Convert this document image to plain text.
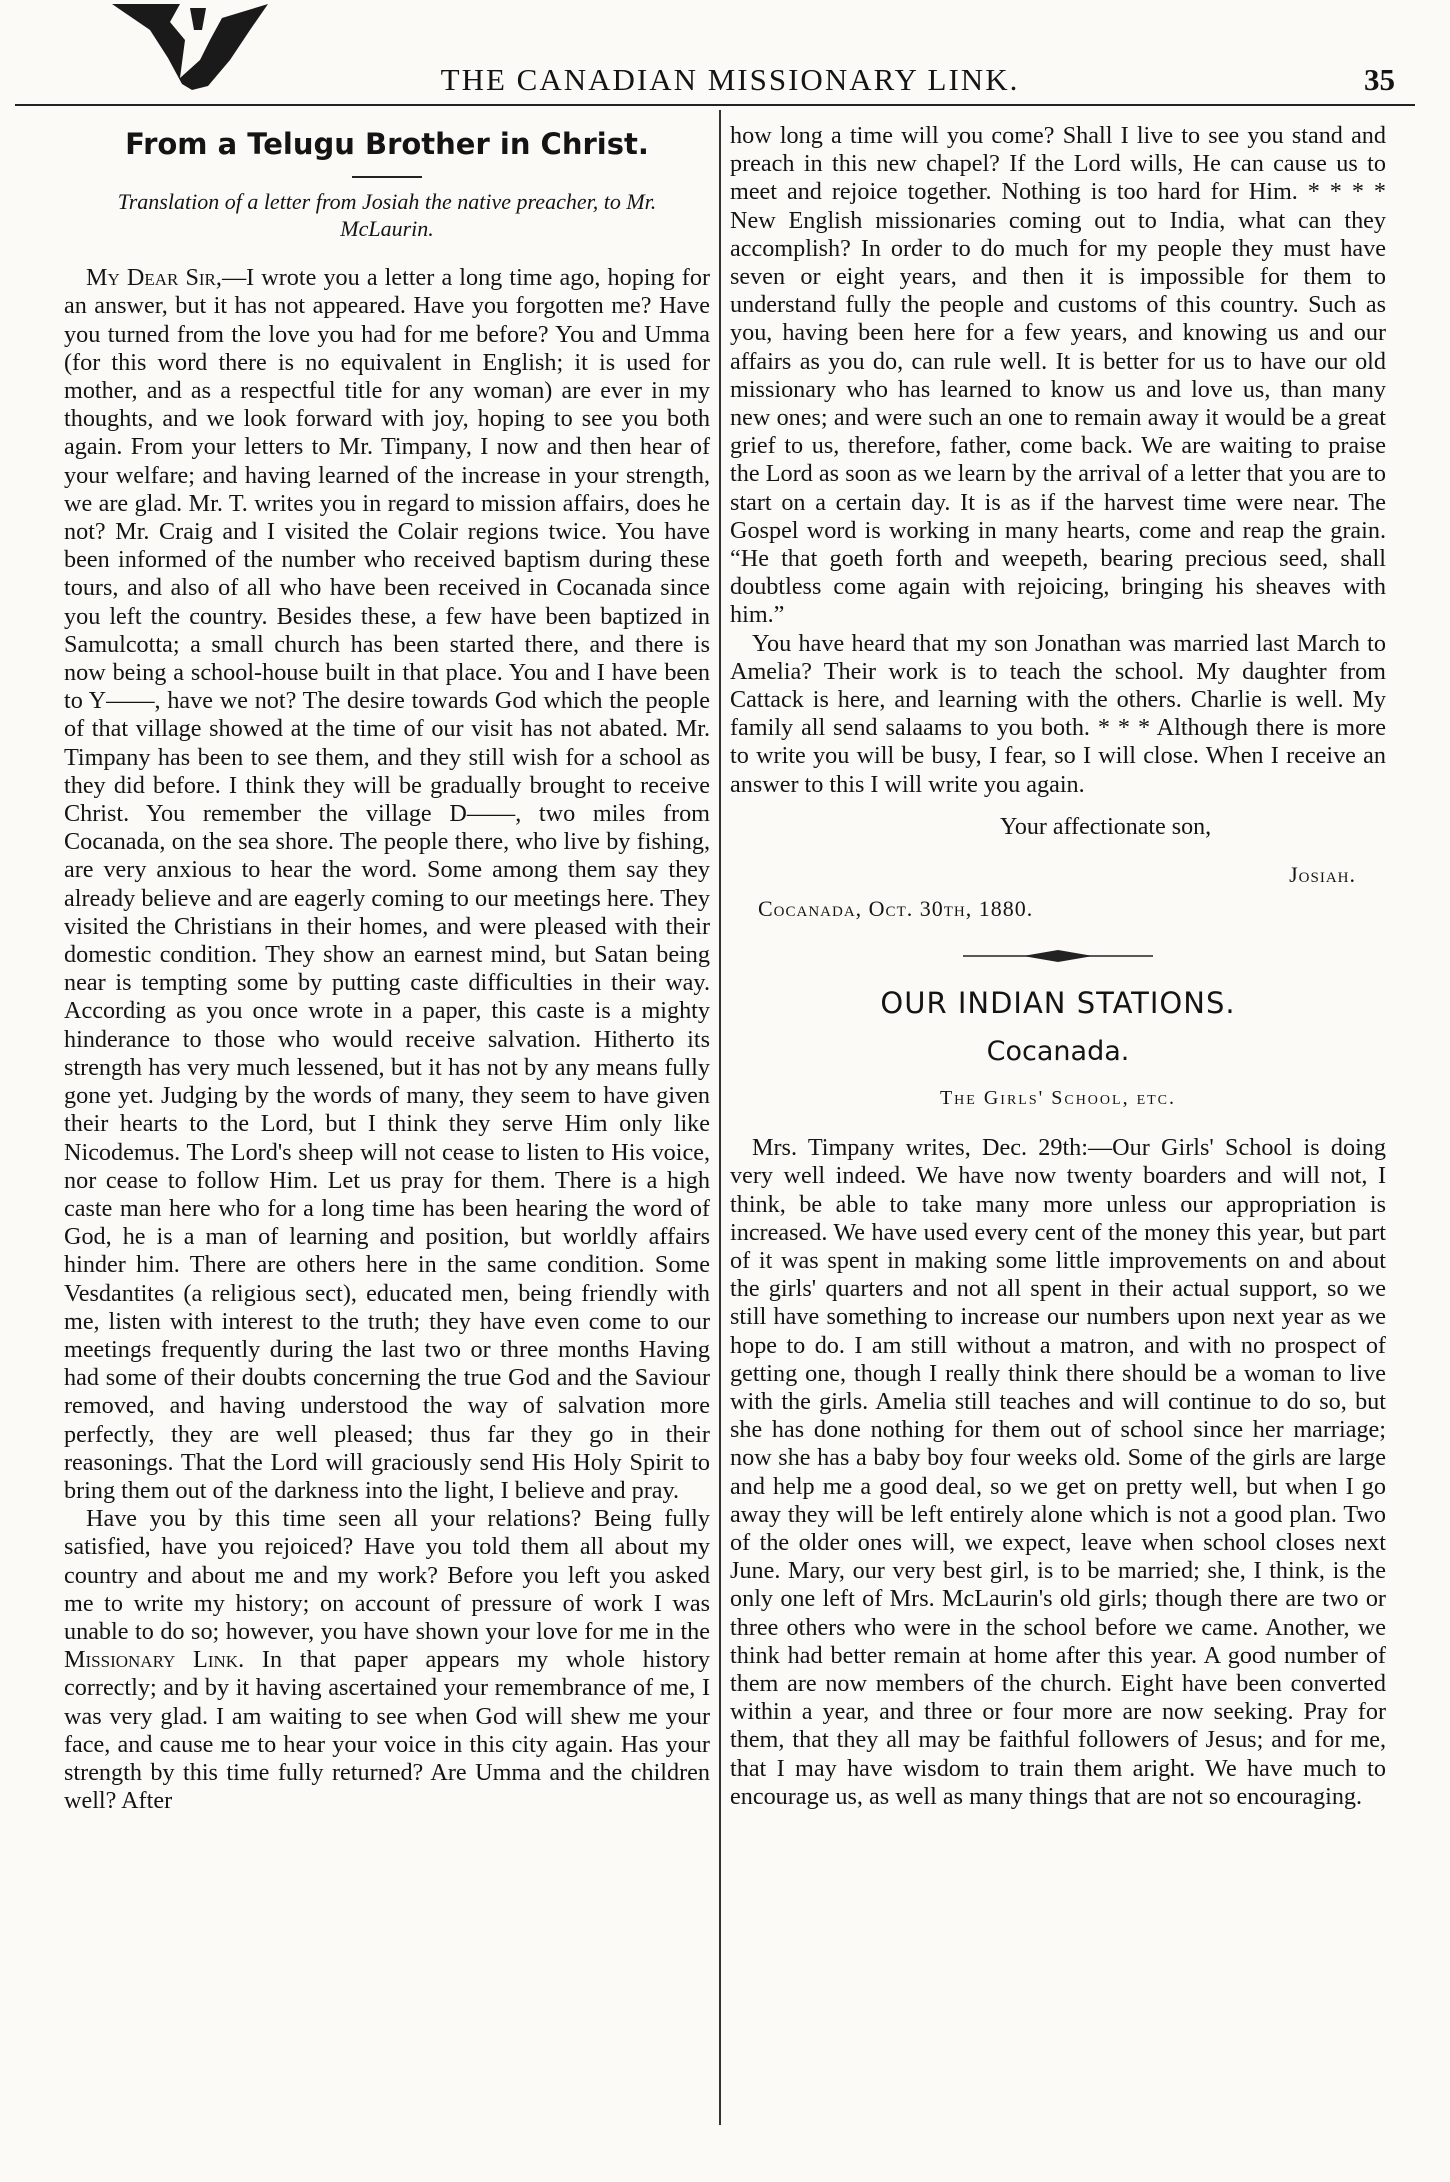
THE CANADIAN MISSIONARY LINK.	35
From a Telugu Brother in Christ.
Translation of a letter from Josiah the native preacher, to Mr. McLaurin.

My Dear Sir,—I wrote you a letter a long time ago, hoping for an answer, but it has not appeared. Have you forgotten me? Have you turned from the love you had for me before? You and Umma (for this word there is no equivalent in English; it is used for mother, and as a respectful title for any woman) are ever in my thoughts, and we look forward with joy, hoping to see you both again. From your letters to Mr. Timpany, I now and then hear of your welfare; and having learned of the increase in your strength, we are glad. Mr. T. writes you in regard to mission affairs, does he not? Mr. Craig and I visited the Colair regions twice. You have been informed of the number who received baptism during these tours, and also of all who have been received in Cocanada since you left the country. Besides these, a few have been baptized in Samulcotta; a small church has been started there, and there is now being a school-house built in that place. You and I have been to Y——, have we not? The desire towards God which the people of that village showed at the time of our visit has not abated. Mr. Timpany has been to see them, and they still wish for a school as they did before. I think they will be gradually brought to receive Christ. You remember the village D——, two miles from Cocanada, on the sea shore. The people there, who live by fishing, are very anxious to hear the word. Some among them say they already believe and are eagerly coming to our meetings here. They visited the Christians in their homes, and were pleased with their domestic condition. They show an earnest mind, but Satan being near is tempting some by putting caste difficulties in their way. According as you once wrote in a paper, this caste is a mighty hinderance to those who would receive salvation. Hitherto its strength has very much lessened, but it has not by any means fully gone yet. Judging by the words of many, they seem to have given their hearts to the Lord, but I think they serve Him only like Nicodemus. The Lord's sheep will not cease to listen to His voice, nor cease to follow Him. Let us pray for them. There is a high caste man here who for a long time has been hearing the word of God, he is a man of learning and position, but worldly affairs hinder him. There are others here in the same condition. Some Vesdantites (a religious sect), educated men, being friendly with me, listen with interest to the truth; they have even come to our meetings frequently during the last two or three months Having had some of their doubts concerning the true God and the Saviour removed, and having understood the way of salvation more perfectly, they are well pleased; thus far they go in their reasonings. That the Lord will graciously send His Holy Spirit to bring them out of the darkness into the light, I believe and pray.

Have you by this time seen all your relations? Being fully satisfied, have you rejoiced? Have you told them all about my country and about me and my work? Before you left you asked me to write my history; on account of pressure of work I was unable to do so; however, you have shown your love for me in the Missionary Link. In that paper appears my whole history correctly; and by it having ascertained your remembrance of me, I was very glad. I am waiting to see when God will shew me your face, and cause me to hear your voice in this city again. Has your strength by this time fully returned? Are Umma and the children well? After

how long a time will you come? Shall I live to see you stand and preach in this new chapel? If the Lord wills, He can cause us to meet and rejoice together. Nothing is too hard for Him. * * * * New English missionaries coming out to India, what can they accomplish? In order to do much for my people they must have seven or eight years, and then it is impossible for them to understand fully the people and customs of this country. Such as you, having been here for a few years, and knowing us and our affairs as you do, can rule well. It is better for us to have our old missionary who has learned to know us and love us, than many new ones; and were such an one to remain away it would be a great grief to us, therefore, father, come back. We are waiting to praise the Lord as soon as we learn by the arrival of a letter that you are to start on a certain day. It is as if the harvest time were near. The Gospel word is working in many hearts, come and reap the grain. “He that goeth forth and weepeth, bearing precious seed, shall doubtless come again with rejoicing, bringing his sheaves with him.”

You have heard that my son Jonathan was married last March to Amelia? Their work is to teach the school. My daughter from Cattack is here, and learning with the others. Charlie is well. My family all send salaams to you both. * * * Although there is more to write you will be busy, I fear, so I will close. When I receive an answer to this I will write you again.

Your affectionate son,
Josiah.
Cocanada, Oct. 30th, 1880.
OUR INDIAN STATIONS.
Cocanada.
The Girls' School, etc.

Mrs. Timpany writes, Dec. 29th:—Our Girls' School is doing very well indeed. We have now twenty boarders and will not, I think, be able to take many more unless our appropriation is increased. We have used every cent of the money this year, but part of it was spent in making some little improvements on and about the girls' quarters and not all spent in their actual support, so we still have something to increase our numbers upon next year as we hope to do. I am still without a matron, and with no prospect of getting one, though I really think there should be a woman to live with the girls. Amelia still teaches and will continue to do so, but she has done nothing for them out of school since her marriage; now she has a baby boy four weeks old. Some of the girls are large and help me a good deal, so we get on pretty well, but when I go away they will be left entirely alone which is not a good plan. Two of the older ones will, we expect, leave when school closes next June. Mary, our very best girl, is to be married; she, I think, is the only one left of Mrs. McLaurin's old girls; though there are two or three others who were in the school before we came. Another, we think had better remain at home after this year. A good number of them are now members of the church. Eight have been converted within a year, and three or four more are now seeking. Pray for them, that they all may be faithful followers of Jesus; and for me, that I may have wisdom to train them aright. We have much to encourage us, as well as many things that are not so encouraging.
